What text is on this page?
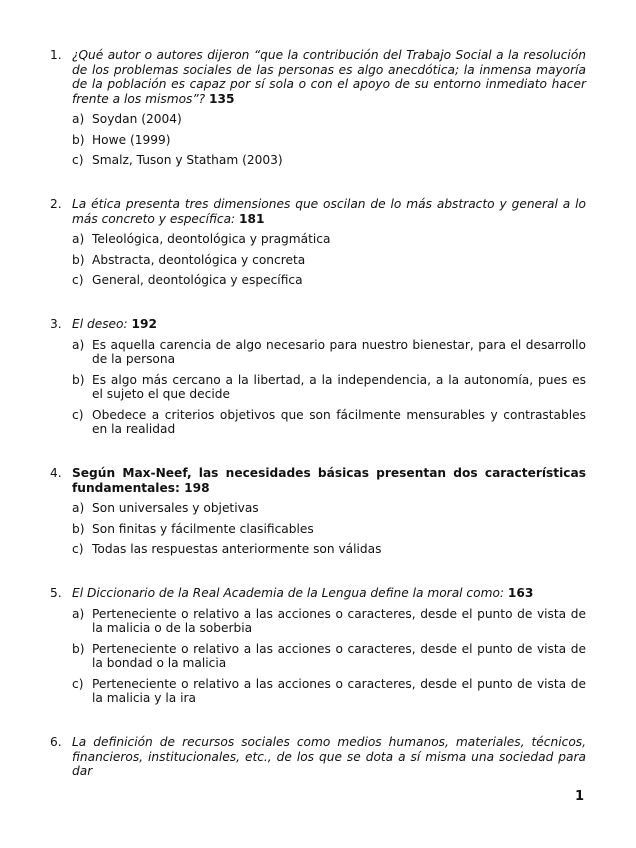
1. ¿Qué autor o autores dijeron “que la contribución del Trabajo Social a la resolución de los problemas sociales de las personas es algo anecdótica; la inmensa mayoría de la población es capaz por sí sola o con el apoyo de su entorno inmediato hacer frente a los mismos”? 135
a) Soydan (2004)
b) Howe (1999)
c) Smalz, Tuson y Statham (2003)
2. La ética presenta tres dimensiones que oscilan de lo más abstracto y general a lo más concreto y específica: 181
a) Teleológica, deontológica y pragmática
b) Abstracta, deontológica y concreta
c) General, deontológica y específica
3. El deseo: 192
a) Es aquella carencia de algo necesario para nuestro bienestar, para el desarrollo de la persona
b) Es algo más cercano a la libertad, a la independencia, a la autonomía, pues es el sujeto el que decide
c) Obedece a criterios objetivos que son fácilmente mensurables y contrastables en la realidad
4. Según Max-Neef, las necesidades básicas presentan dos características fundamentales: 198
a) Son universales y objetivas
b) Son finitas y fácilmente clasificables
c) Todas las respuestas anteriormente son válidas
5. El Diccionario de la Real Academia de la Lengua define la moral como: 163
a) Perteneciente o relativo a las acciones o caracteres, desde el punto de vista de la malicia o de la soberbia
b) Perteneciente o relativo a las acciones o caracteres, desde el punto de vista de la bondad o la malicia
c) Perteneciente o relativo a las acciones o caracteres, desde el punto de vista de la malicia y la ira
6. La definición de recursos sociales como medios humanos, materiales, técnicos, financieros, institucionales, etc., de los que se dota a sí misma una sociedad para dar
1
